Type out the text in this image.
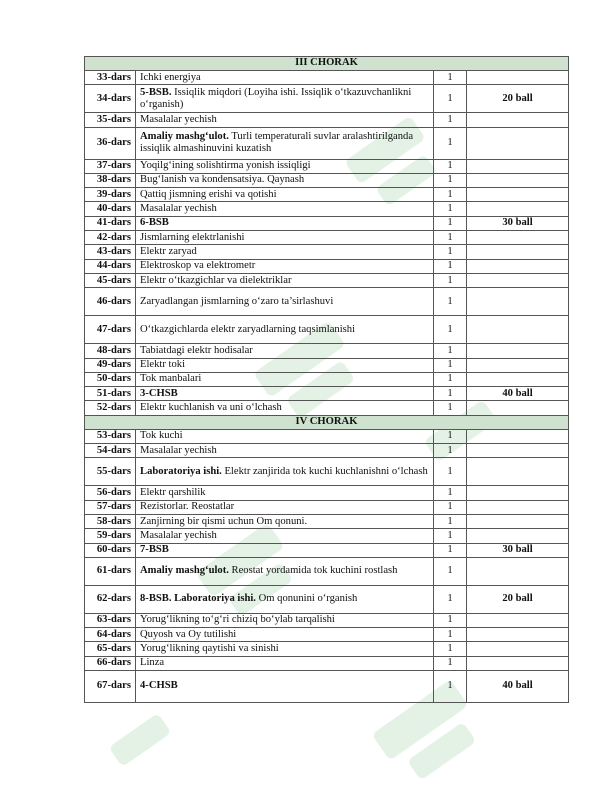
III CHORAK			
33-dars	Ichki energiya	1	
34-dars	5-BSB. Issiqlik miqdori (Loyiha ishi. Issiqlik o‘tkazuvchanlikni o‘rganish)	1	20 ball
35-dars	Masalalar yechish	1	
36-dars	Amaliy mashg‘ulot. Turli temperaturali suvlar aralashtirilganda issiqlik almashinuvini kuzatish	1	
37-dars	Yoqilg‘ining solishtirma yonish issiqligi	1	
38-dars	Bug‘lanish va kondensatsiya. Qaynash	1	
39-dars	Qattiq jismning erishi va qotishi	1	
40-dars	Masalalar yechish	1	
41-dars	6-BSB	1	30 ball
42-dars	Jismlarning elektrlanishi	1	
43-dars	Elektr zaryad	1	
44-dars	Elektroskop va elektrometr	1	
45-dars	Elektr o‘tkazgichlar va dielektriklar	1	
46-dars	Zaryadlangan jismlarning o‘zaro ta’sirlashuvi	1	
47-dars	O‘tkazgichlarda elektr zaryadlarning taqsimlanishi	1	
48-dars	Tabiatdagi elektr hodisalar	1	
49-dars	Elektr toki	1	
50-dars	Tok manbalari	1	
51-dars	3-CHSB	1	40 ball
52-dars	Elektr kuchlanish va uni o‘lchash	1	
IV CHORAK			
53-dars	Tok kuchi	1	
54-dars	Masalalar yechish	1	
55-dars	Laboratoriya ishi. Elektr zanjirida tok kuchi kuchlanishni o‘lchash	1	
56-dars	Elektr qarshilik	1	
57-dars	Rezistorlar. Reostatlar	1	
58-dars	Zanjirning bir qismi uchun Om qonuni.	1	
59-dars	Masalalar yechish	1	
60-dars	7-BSB	1	30 ball
61-dars	Amaliy mashg‘ulot. Reostat yordamida tok kuchini rostlash	1	
62-dars	8-BSB. Laboratoriya ishi. Om qonunini o‘rganish	1	20 ball
63-dars	Yorug‘likning to‘g‘ri chiziq bo‘ylab tarqalishi	1	
64-dars	Quyosh va Oy tutilishi	1	
65-dars	Yorug‘likning qaytishi va sinishi	1	
66-dars	Linza	1	
67-dars	4-CHSB	1	40 ball
